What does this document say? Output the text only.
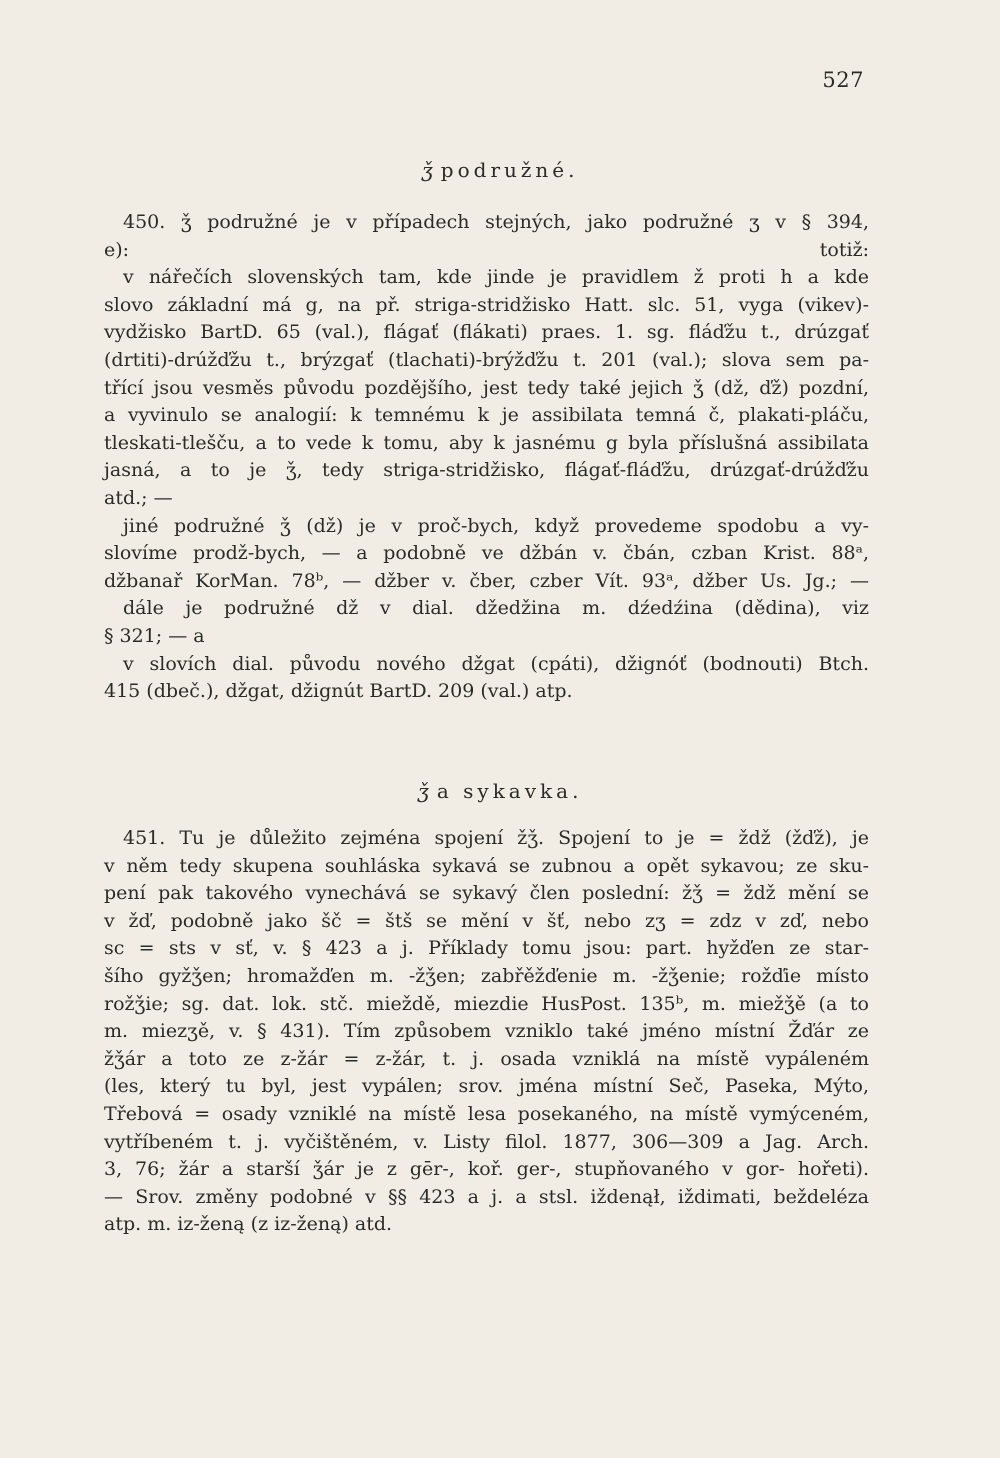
527
ǯ podružné.
450. ǯ podružné je v případech stejných, jako podružné ʒ v § 394,
e): totiž:
v nářečích slovenských tam, kde jinde je pravidlem ž proti h a kde
slovo základní má g, na př. striga-stridžisko Hatt. slc. 51, vyga (vikev)-
vydžisko BartD. 65 (val.), flágať (flákati) praes. 1. sg. fláďžu t., drúzgať
(drtiti)-drúžďžu t., brýzgať (tlachati)-brýžďžu t. 201 (val.); slova sem pa-
třící jsou vesměs původu pozdějšího, jest tedy také jejich ǯ (dž, ďž) pozdní,
a vyvinulo se analogií: k temnému k je assibilata temná č, plakati-pláču,
tleskati-tlešču, a to vede k tomu, aby k jasnému g byla příslušná assibilata
jasná, a to je ǯ, tedy striga-stridžisko, flágať-fláďžu, drúzgať-drúžďžu
atd.; —
jiné podružné ǯ (dž) je v proč-bych, když provedeme spodobu a vy-
slovíme prodž-bych, — a podobně ve džbán v. čbán, czban Krist. 88ᵃ,
džbanař KorMan. 78ᵇ, — džber v. čber, czber Vít. 93ᵃ, džber Us. Jg.; —
dále je podružné dž v dial. džedžina m. dźedźina (dědina), viz
§ 321; — a
v slovích dial. původu nového džgat (cpáti), džignóť (bodnouti) Btch.
415 (dbeč.), džgat, džignút BartD. 209 (val.) atp.
ǯ a sykavka.
451. Tu je důležito zejména spojení žǯ. Spojení to je = ždž (žďž), je
v něm tedy skupena souhláska sykavá se zubnou a opět sykavou; ze sku-
pení pak takového vynechává se sykavý člen poslední: žǯ = ždž mění se
v žď, podobně jako šč = štš se mění v šť, nebo zʒ = zdz v zď, nebo
sc = sts v sť, v. § 423 a j. Příklady tomu jsou: part. hyžďen ze star-
šího gyžǯen; hromažďen m. -žǯen; zabřěžďenie m. -žǯenie; rožďie místo
rožǯie; sg. dat. lok. stč. mieždě, miezdie HusPost. 135ᵇ, m. miežǯě (a to
m. miezʒě, v. § 431). Tím způsobem vzniklo také jméno místní Žďár ze
žǯár a toto ze z-žár = z-žár, t. j. osada vzniklá na místě vypáleném
(les, který tu byl, jest vypálen; srov. jména místní Seč, Paseka, Mýto,
Třebová = osady vzniklé na místě lesa posekaného, na místě vymýceném,
vytříbeném t. j. vyčištěném, v. Listy filol. 1877, 306—309 a Jag. Arch.
3, 76; žár a starší ǯár je z gēr-, koř. ger-, stupňovaného v gor- hořeti).
— Srov. změny podobné v §§ 423 a j. a stsl. iždenął, iždimati, beždeléza
atp. m. iz-ženą (z iz-ženą) atd.
